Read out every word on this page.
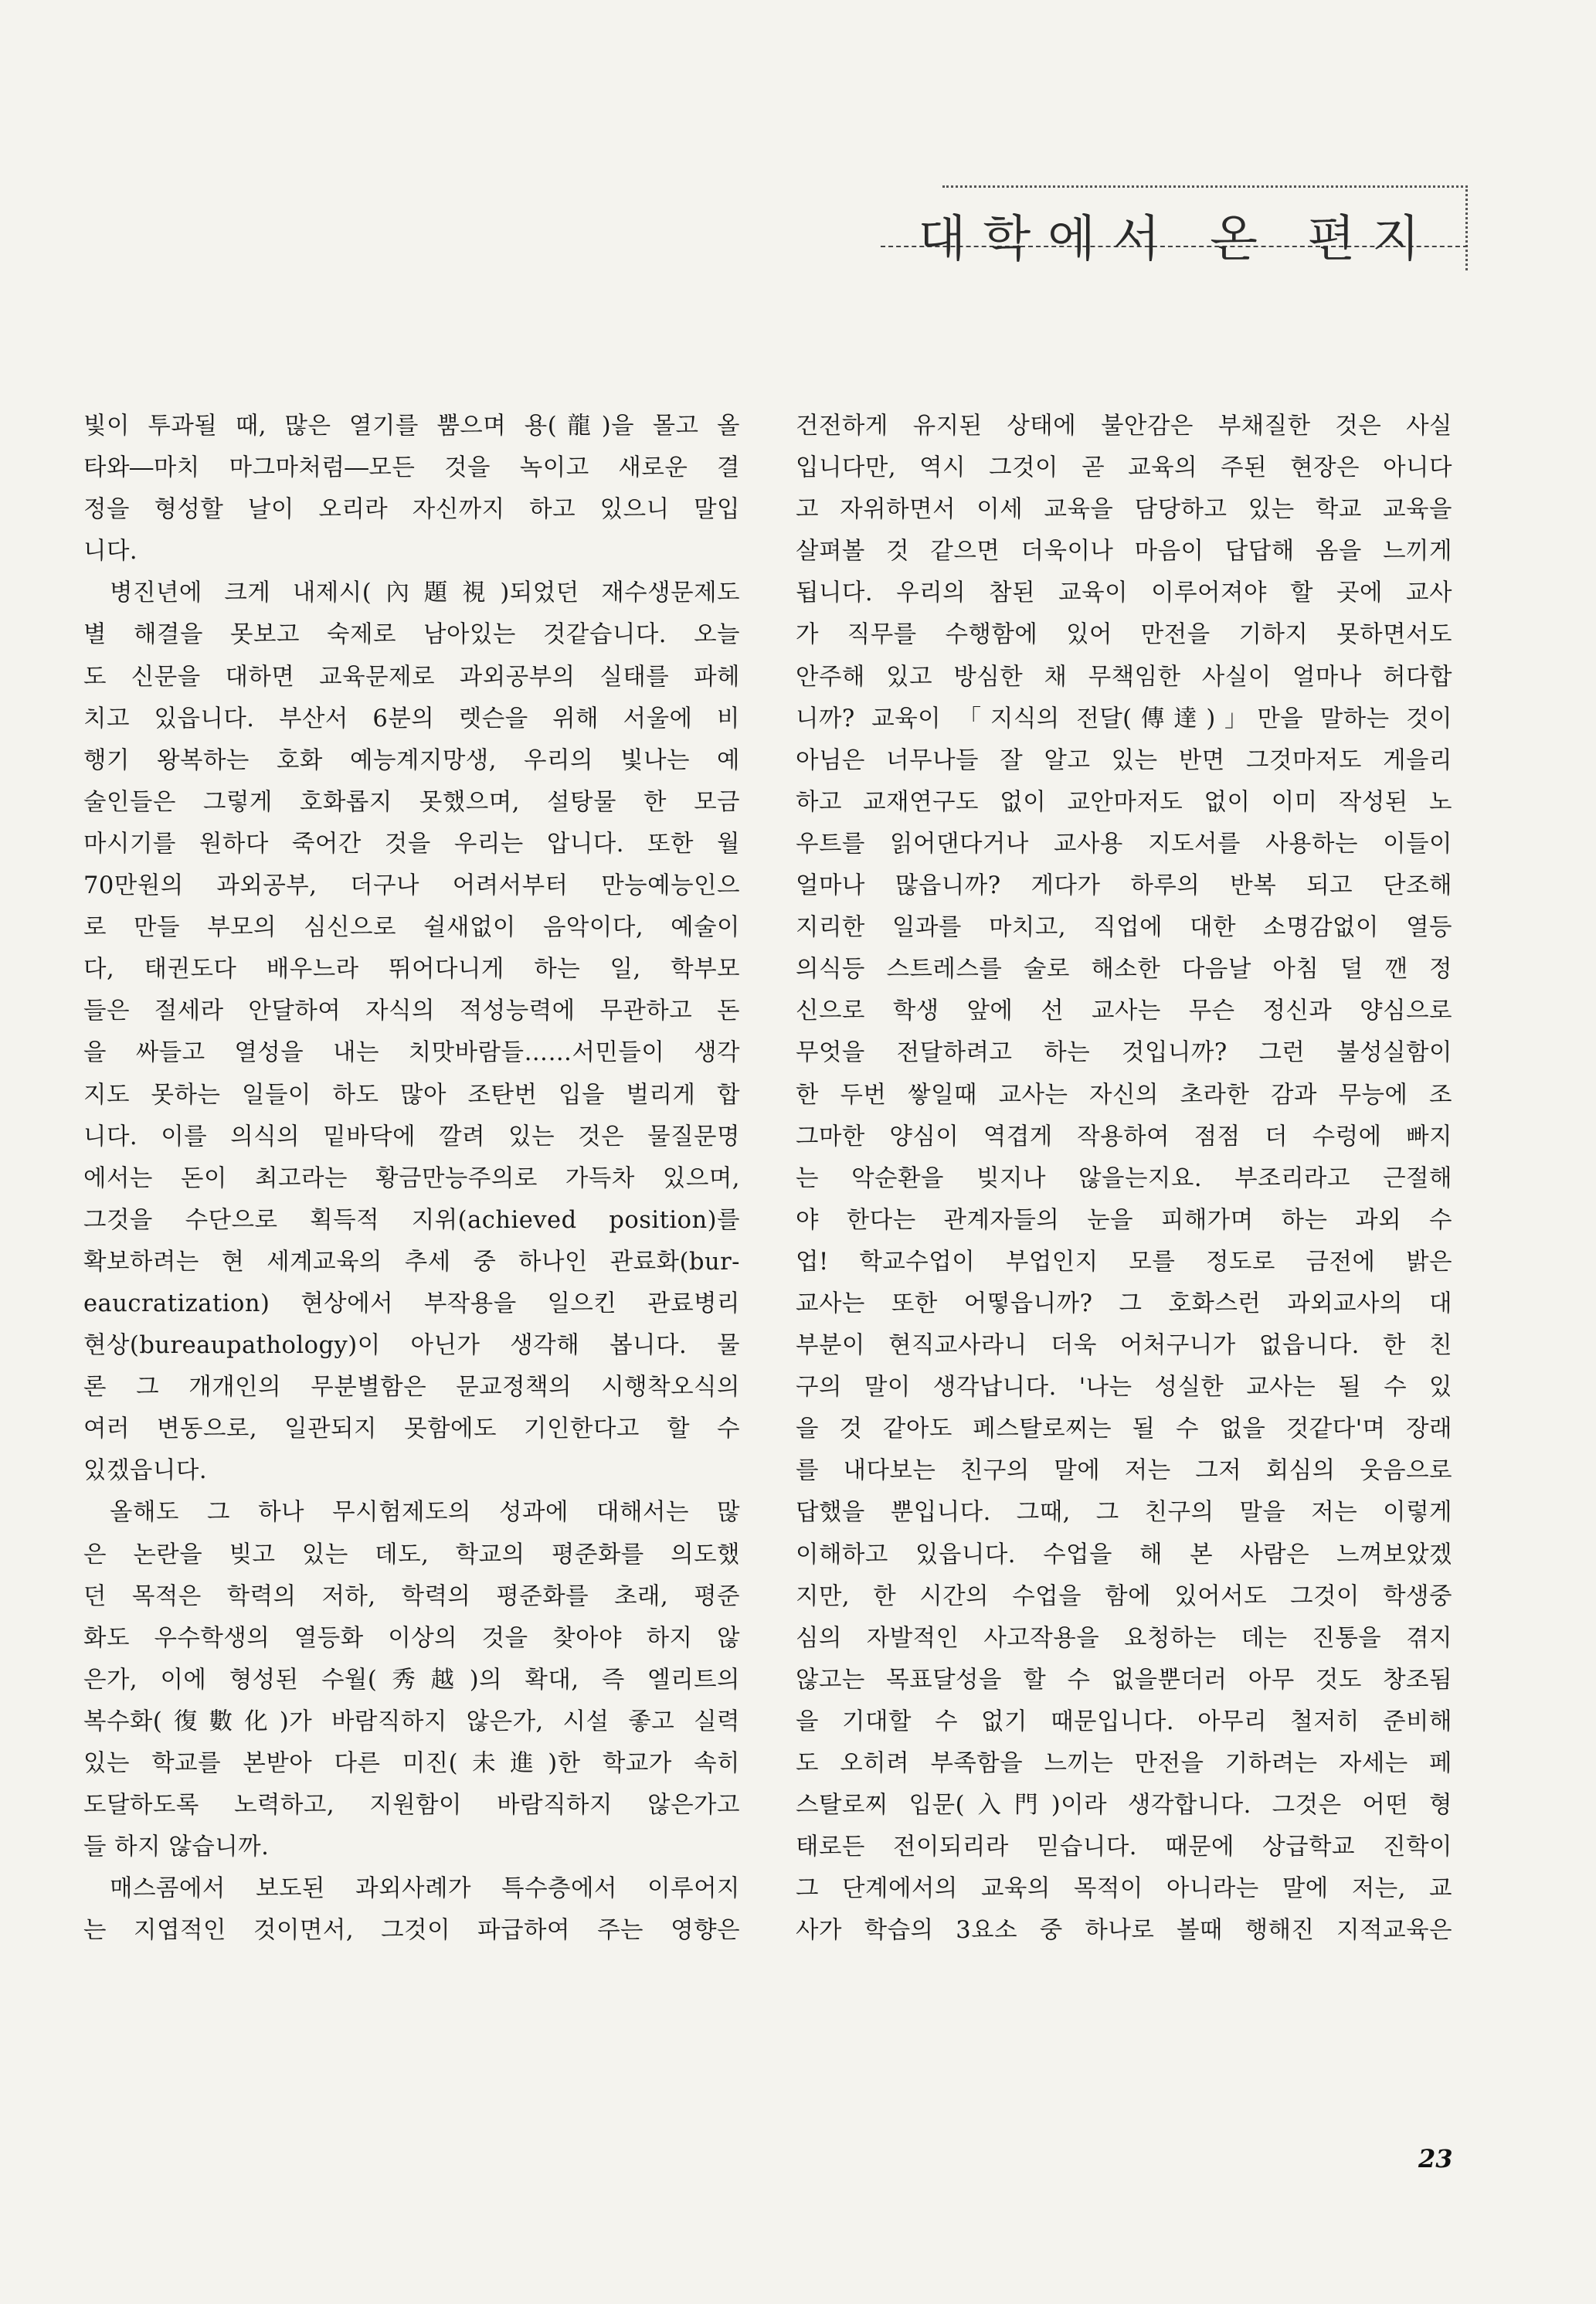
대학에서 온 편지
빛이 투과될 때, 많은 열기를 뿜으며 용(龍)을 몰고 올
타와―마치 마그마처럼―모든 것을 녹이고 새로운 결
정을 형성할 날이 오리라 자신까지 하고 있으니 말입
니다.
병진년에 크게 내제시(內題視)되었던 재수생문제도
별 해결을 못보고 숙제로 남아있는 것같습니다. 오늘
도 신문을 대하면 교육문제로 과외공부의 실태를 파헤
치고 있읍니다. 부산서 6분의 렛슨을 위해 서울에 비
행기 왕복하는 호화 예능계지망생, 우리의 빛나는 예
술인들은 그렇게 호화롭지 못했으며, 설탕물 한 모금
마시기를 원하다 죽어간 것을 우리는 압니다. 또한 월
70만원의 과외공부, 더구나 어려서부터 만능예능인으
로 만들 부모의 심신으로 쉴새없이 음악이다, 예술이
다, 태권도다 배우느라 뛰어다니게 하는 일, 학부모
들은 절세라 안달하여 자식의 적성능력에 무관하고 돈
을 싸들고 열성을 내는 치맛바람들……서민들이 생각
지도 못하는 일들이 하도 많아 조탄번 입을 벌리게 합
니다. 이를 의식의 밑바닥에 깔려 있는 것은 물질문명
에서는 돈이 최고라는 황금만능주의로 가득차 있으며,
그것을 수단으로 획득적 지위(achieved position)를
확보하려는 현 세계교육의 추세 중 하나인 관료화(bur-
eaucratization) 현상에서 부작용을 일으킨 관료병리
현상(bureaupathology)이 아닌가 생각해 봅니다. 물
론 그 개개인의 무분별함은 문교정책의 시행착오식의
여러 변동으로, 일관되지 못함에도 기인한다고 할 수
있겠읍니다.
올해도 그 하나 무시험제도의 성과에 대해서는 많
은 논란을 빚고 있는 데도, 학교의 평준화를 의도했
던 목적은 학력의 저하, 학력의 평준화를 초래, 평준
화도 우수학생의 열등화 이상의 것을 찾아야 하지 않
은가, 이에 형성된 수월(秀越)의 확대, 즉 엘리트의
복수화(復數化)가 바람직하지 않은가, 시설 좋고 실력
있는 학교를 본받아 다른 미진(未進)한 학교가 속히
도달하도록 노력하고, 지원함이 바람직하지 않은가고
들 하지 않습니까.
매스콤에서 보도된 과외사례가 특수층에서 이루어지
는 지엽적인 것이면서, 그것이 파급하여 주는 영향은
건전하게 유지된 상태에 불안감은 부채질한 것은 사실
입니다만, 역시 그것이 곧 교육의 주된 현장은 아니다
고 자위하면서 이세 교육을 담당하고 있는 학교 교육을
살펴볼 것 같으면 더욱이나 마음이 답답해 옴을 느끼게
됩니다. 우리의 참된 교육이 이루어져야 할 곳에 교사
가 직무를 수행함에 있어 만전을 기하지 못하면서도
안주해 있고 방심한 채 무책임한 사실이 얼마나 허다합
니까? 교육이 「지식의 전달(傳達)」만을 말하는 것이
아님은 너무나들 잘 알고 있는 반면 그것마저도 게을리
하고 교재연구도 없이 교안마저도 없이 이미 작성된 노
우트를 읽어댄다거나 교사용 지도서를 사용하는 이들이
얼마나 많읍니까? 게다가 하루의 반복 되고 단조해
지리한 일과를 마치고, 직업에 대한 소명감없이 열등
의식등 스트레스를 술로 해소한 다음날 아침 덜 깬 정
신으로 학생 앞에 선 교사는 무슨 정신과 양심으로
무엇을 전달하려고 하는 것입니까? 그런 불성실함이
한 두번 쌓일때 교사는 자신의 초라한 감과 무능에 조
그마한 양심이 역겹게 작용하여 점점 더 수렁에 빠지
는 악순환을 빚지나 않을는지요. 부조리라고 근절해
야 한다는 관계자들의 눈을 피해가며 하는 과외 수
업! 학교수업이 부업인지 모를 정도로 금전에 밝은
교사는 또한 어떻읍니까? 그 호화스런 과외교사의 대
부분이 현직교사라니 더욱 어처구니가 없읍니다. 한 친
구의 말이 생각납니다. '나는 성실한 교사는 될 수 있
을 것 같아도 페스탈로찌는 될 수 없을 것같다'며 장래
를 내다보는 친구의 말에 저는 그저 회심의 웃음으로
답했을 뿐입니다. 그때, 그 친구의 말을 저는 이렇게
이해하고 있읍니다. 수업을 해 본 사람은 느껴보았겠
지만, 한 시간의 수업을 함에 있어서도 그것이 학생중
심의 자발적인 사고작용을 요청하는 데는 진통을 겪지
않고는 목표달성을 할 수 없을뿐더러 아무 것도 창조됨
을 기대할 수 없기 때문입니다. 아무리 철저히 준비해
도 오히려 부족함을 느끼는 만전을 기하려는 자세는 페
스탈로찌 입문(入門)이라 생각합니다. 그것은 어떤 형
태로든 전이되리라 믿습니다. 때문에 상급학교 진학이
그 단계에서의 교육의 목적이 아니라는 말에 저는, 교
사가 학습의 3요소 중 하나로 볼때 행해진 지적교육은
23
